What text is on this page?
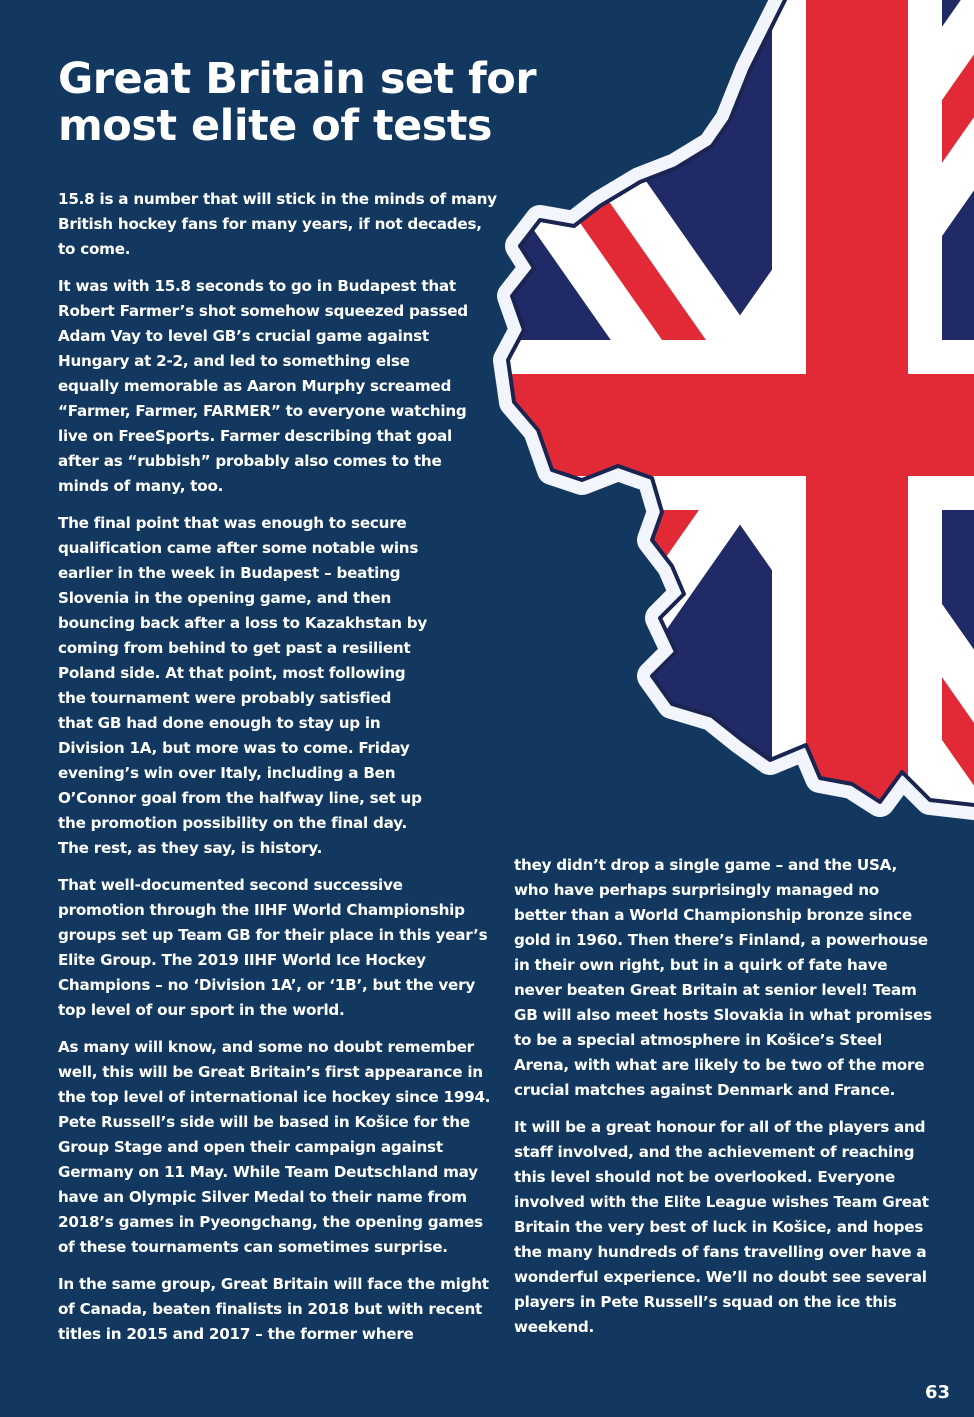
Great Britain set for
most elite of tests

15.8 is a number that will stick in the minds of many British hockey fans for many years, if not decades, to come.

It was with 15.8 seconds to go in Budapest that Robert Farmer’s shot somehow squeezed passed Adam Vay to level GB’s crucial game against Hungary at 2-2, and led to something else equally memorable as Aaron Murphy screamed “Farmer, Farmer, FARMER” to everyone watching live on FreeSports. Farmer describing that goal after as “rubbish” probably also comes to the minds of many, too.

The final point that was enough to secure qualification came after some notable wins earlier in the week in Budapest – beating Slovenia in the opening game, and then bouncing back after a loss to Kazakhstan by coming from behind to get past a resilient Poland side. At that point, most following the tournament were probably satisfied that GB had done enough to stay up in Division 1A, but more was to come. Friday evening’s win over Italy, including a Ben O’Connor goal from the halfway line, set up the promotion possibility on the final day. The rest, as they say, is history.

That well-documented second successive promotion through the IIHF World Championship groups set up Team GB for their place in this year’s Elite Group. The 2019 IIHF World Ice Hockey Champions – no ‘Division 1A’, or ‘1B’, but the very top level of our sport in the world.

As many will know, and some no doubt remember well, this will be Great Britain’s first appearance in the top level of international ice hockey since 1994. Pete Russell’s side will be based in Košice for the Group Stage and open their campaign against Germany on 11 May. While Team Deutschland may have an Olympic Silver Medal to their name from 2018’s games in Pyeongchang, the opening games of these tournaments can sometimes surprise.

In the same group, Great Britain will face the might of Canada, beaten finalists in 2018 but with recent titles in 2015 and 2017 – the former where

they didn’t drop a single game – and the USA, who have perhaps surprisingly managed no better than a World Championship bronze since gold in 1960. Then there’s Finland, a powerhouse in their own right, but in a quirk of fate have never beaten Great Britain at senior level! Team GB will also meet hosts Slovakia in what promises to be a special atmosphere in Košice’s Steel Arena, with what are likely to be two of the more crucial matches against Denmark and France.

It will be a great honour for all of the players and staff involved, and the achievement of reaching this level should not be overlooked. Everyone involved with the Elite League wishes Team Great Britain the very best of luck in Košice, and hopes the many hundreds of fans travelling over have a wonderful experience. We’ll no doubt see several players in Pete Russell’s squad on the ice this weekend.

63
